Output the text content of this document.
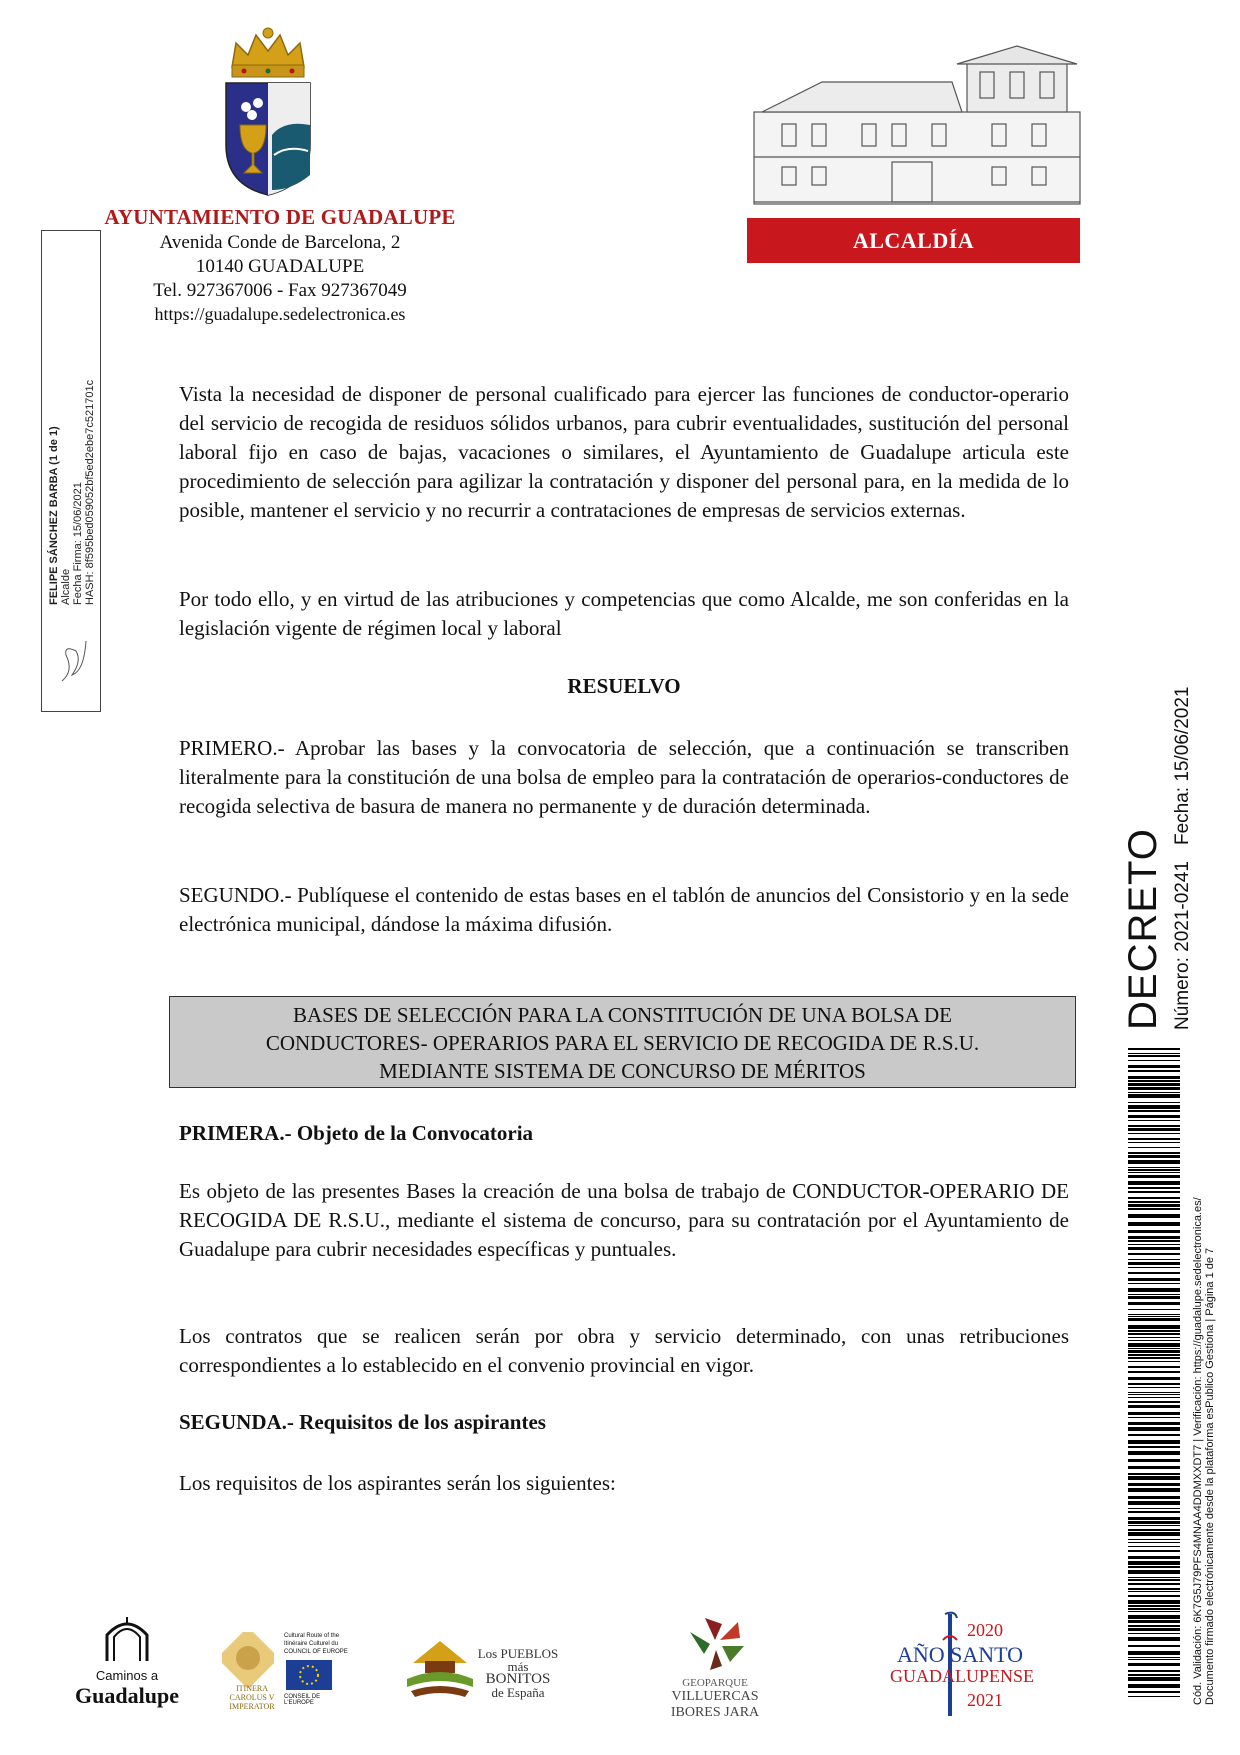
AYUNTAMIENTO DE GUADALUPE
Avenida Conde de Barcelona, 2
10140 GUADALUPE
Tel. 927367006 - Fax 927367049
https://guadalupe.sedelectronica.es
ALCALDÍA
FELIPE SÁNCHEZ BARBA (1 de 1) Alcalde Fecha Firma: 15/06/2021 HASH: 8f595bed059052bf5ed2ebe7c521701c	Vista la necesidad de disponer de personal cualificado para ejercer las funciones de conductor-operario del servicio de recogida de residuos sólidos urbanos, para cubrir eventualidades, sustitución del personal laboral fijo en caso de bajas, vacaciones o similares, el Ayuntamiento de Guadalupe articula este procedimiento de selección para agilizar la contratación y disponer del personal para, en la medida de lo posible, mantener el servicio y no recurrir a contrataciones de empresas de servicios externas.
Por todo ello, y en virtud de las atribuciones y competencias que como Alcalde, me son conferidas en la legislación vigente de régimen local y laboral
RESUELVO
PRIMERO.- Aprobar las bases y la convocatoria de selección, que a continuación se transcriben literalmente para la constitución de una bolsa de empleo para la contratación de operarios-conductores de recogida selectiva de basura de manera no permanente y de duración determinada.
SEGUNDO.- Publíquese el contenido de estas bases en el tablón de anuncios del Consistorio y en la sede electrónica municipal, dándose la máxima difusión.
BASES DE SELECCIÓN PARA LA CONSTITUCIÓN DE UNA BOLSA DE
CONDUCTORES- OPERARIOS PARA EL SERVICIO DE RECOGIDA DE R.S.U.
MEDIANTE SISTEMA DE CONCURSO DE MÉRITOS
PRIMERA.- Objeto de la Convocatoria
Es objeto de las presentes Bases la creación de una bolsa de trabajo de CONDUCTOR-OPERARIO DE RECOGIDA DE R.S.U., mediante el sistema de concurso, para su contratación por el Ayuntamiento de Guadalupe para cubrir necesidades específicas y puntuales.
Los contratos que se realicen serán por obra y servicio determinado, con unas retribuciones correspondientes a lo establecido en el convenio provincial en vigor.
SEGUNDA.- Requisitos de los aspirantes
Los requisitos de los aspirantes serán los siguientes:
DECRETO Número: 2021-0241
Fecha: 15/06/2021
Cód. Validación: 6K7G5J79PFS4MNAA4DDMXXDT7 | Verificación: https://guadalupe.sedelectronica.es/ Documento firmado electrónicamente desde la plataforma esPublico Gestiona | Página 1 de 7
Caminos a
Guadalupe	ITINERA
CAROLUS V
IMPERATOR
Cultural Route of the
Itinéraire Culturel du
COUNCIL OF EUROPE
CONSEIL DE L'EUROPE
Los PUEBLOS más
BONITOS
de España
GEOPARQUE
VILLUERCAS
IBORES JARA
2020
AÑO SANTO
GUADALUPENSE
2021
